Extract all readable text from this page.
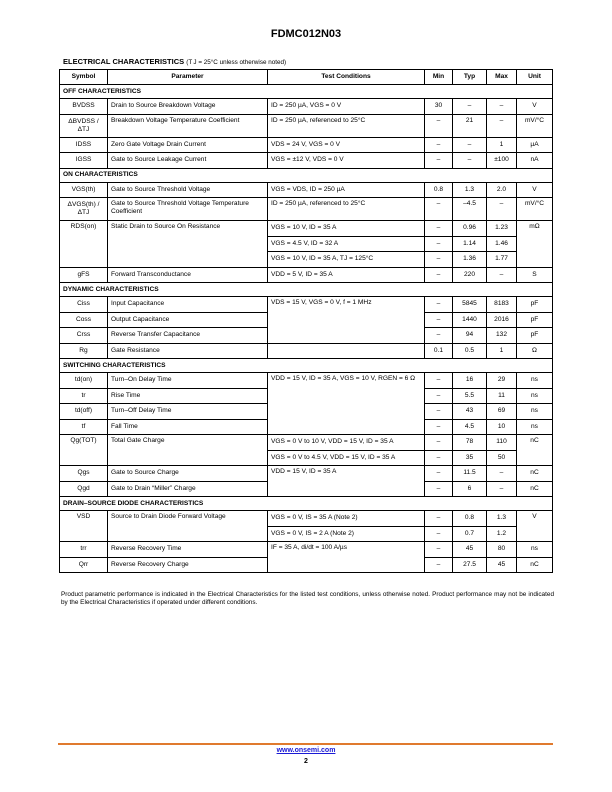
FDMC012N03
ELECTRICAL CHARACTERISTICS (T J = 25°C unless otherwise noted)
Symbol	Parameter	Test Conditions	Min	Typ	Max	Unit
OFF CHARACTERISTICS						
BVDSS	Drain to Source Breakdown Voltage	ID = 250 µA, VGS = 0 V	30	–	–	V
ΔBVDSS / ΔTJ	Breakdown Voltage Temperature Coefficient	ID = 250 µA, referenced to 25°C	–	21	–	mV/°C
IDSS	Zero Gate Voltage Drain Current	VDS = 24 V, VGS = 0 V	–	–	1	µA
IGSS	Gate to Source Leakage Current	VGS = ±12 V, VDS = 0 V	–	–	±100	nA
ON CHARACTERISTICS						
VGS(th)	Gate to Source Threshold Voltage	VGS = VDS, ID = 250 µA	0.8	1.3	2.0	V
ΔVGS(th) / ΔTJ	Gate to Source Threshold Voltage Temperature Coefficient	ID = 250 µA, referenced to 25°C	–	–4.5	–	mV/°C
RDS(on)	Static Drain to Source On Resistance	VGS = 10 V, ID = 35 A	–	0.96	1.23	mΩ
		VGS = 4.5 V, ID = 32 A	–	1.14	1.46	
		VGS = 10 V, ID = 35 A, TJ = 125°C	–	1.36	1.77	
gFS	Forward Transconductance	VDD = 5 V, ID = 35 A	–	220	–	S
DYNAMIC CHARACTERISTICS						
Ciss	Input Capacitance	VDS = 15 V, VGS = 0 V, f = 1 MHz	–	5845	8183	pF
Coss	Output Capacitance		–	1440	2016	pF
Crss	Reverse Transfer Capacitance		–	94	132	pF
Rg	Gate Resistance		0.1	0.5	1	Ω
SWITCHING CHARACTERISTICS						
td(on)	Turn–On Delay Time	VDD = 15 V, ID = 35 A, VGS = 10 V, RGEN = 6 Ω	–	16	29	ns
tr	Rise Time		–	5.5	11	ns
td(off)	Turn–Off Delay Time		–	43	69	ns
tf	Fall Time		–	4.5	10	ns
Qg(TOT)	Total Gate Charge	VGS = 0 V to 10 V, VDD = 15 V, ID = 35 A	–	78	110	nC
		VGS = 0 V to 4.5 V, VDD = 15 V, ID = 35 A	–	35	50	
Qgs	Gate to Source Charge	VDD = 15 V, ID = 35 A	–	11.5	–	nC
Qgd	Gate to Drain “Miller” Charge		–	6	–	nC
DRAIN–SOURCE DIODE CHARACTERISTICS						
VSD	Source to Drain Diode Forward Voltage	VGS = 0 V, IS = 35 A (Note 2)	–	0.8	1.3	V
		VGS = 0 V, IS = 2 A (Note 2)	–	0.7	1.2	
trr	Reverse Recovery Time	IF = 35 A, di/dt = 100 A/µs	–	45	80	ns
Qrr	Reverse Recovery Charge		–	27.5	45	nC
Product parametric performance is indicated in the Electrical Characteristics for the listed test conditions, unless otherwise noted. Product performance may not be indicated by the Electrical Characteristics if operated under different conditions.
www.onsemi.com
2
